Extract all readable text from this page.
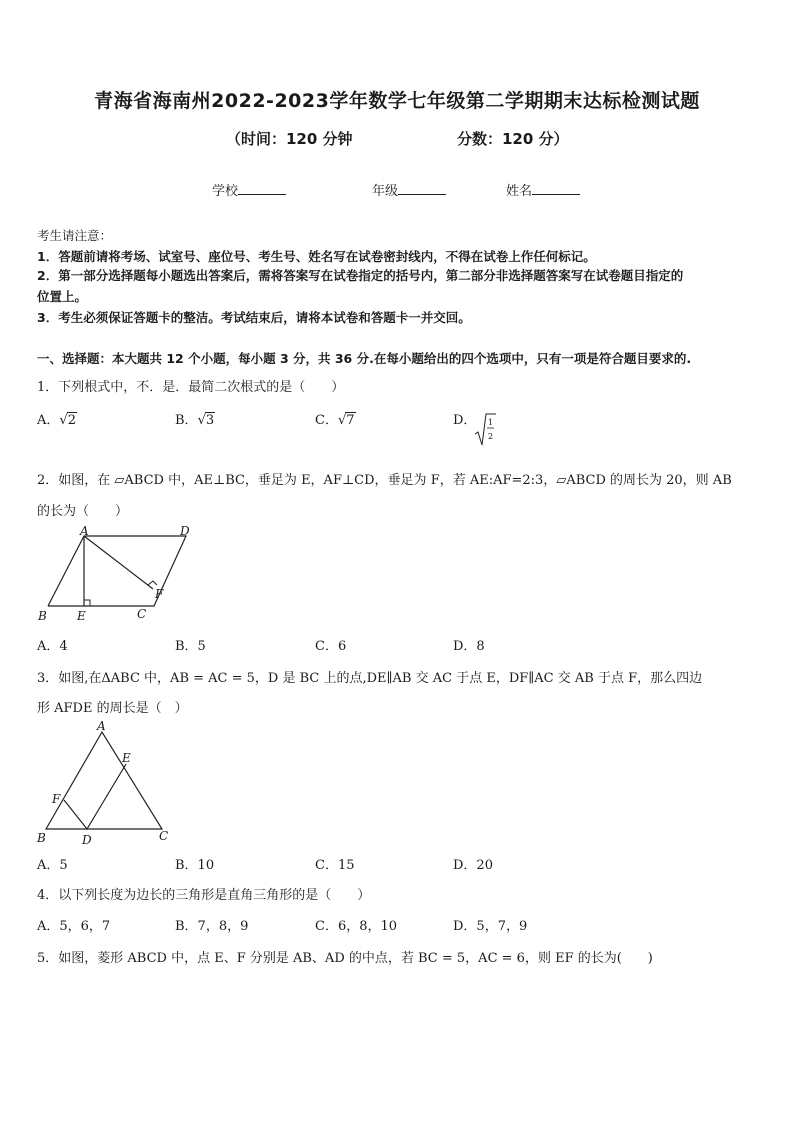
青海省海南州2022-2023学年数学七年级第二学期期末达标检测试题
（时间：120 分钟	分数：120 分）
学校	年级	姓名
考生请注意：
1．答题前请将考场、试室号、座位号、考生号、姓名写在试卷密封线内，不得在试卷上作任何标记。
2．第一部分选择题每小题选出答案后，需将答案写在试卷指定的括号内，第二部分非选择题答案写在试卷题目指定的
位置上。
3．考生必须保证答题卡的整洁。考试结束后，请将本试卷和答题卡一并交回。
一、选择题：本大题共 12 个小题，每小题 3 分，共 36 分.在每小题给出的四个选项中，只有一项是符合题目要求的.
1．下列根式中，不．是．最简二次根式的是（　　）
A．√2	B．√3	C．√7	D． 1
2
2．如图，在 ▱ABCD 中，AE⊥BC，垂足为 E，AF⊥CD，垂足为 F，若 AE:AF=2:3，▱ABCD 的周长为 20，则 AB
的长为（　　）
A	D
B	E	C
F
A．4	B．5	C．6	D．8
3．如图,在ΔABC 中，AB = AC = 5，D 是 BC 上的点,DE∥AB 交 AC 于点 E，DF∥AC 交 AB 于点 F，那么四边
形 AFDE 的周长是（　）
A
E
F
B	D	C
A．5	B．10	C．15	D．20
4．以下列长度为边长的三角形是直角三角形的是（　　）
A．5，6，7	B．7，8，9	C．6，8，10	D．5，7，9
5．如图，菱形 ABCD 中，点 E、F 分别是 AB、AD 的中点，若 BC = 5，AC = 6，则 EF 的长为(　　)
